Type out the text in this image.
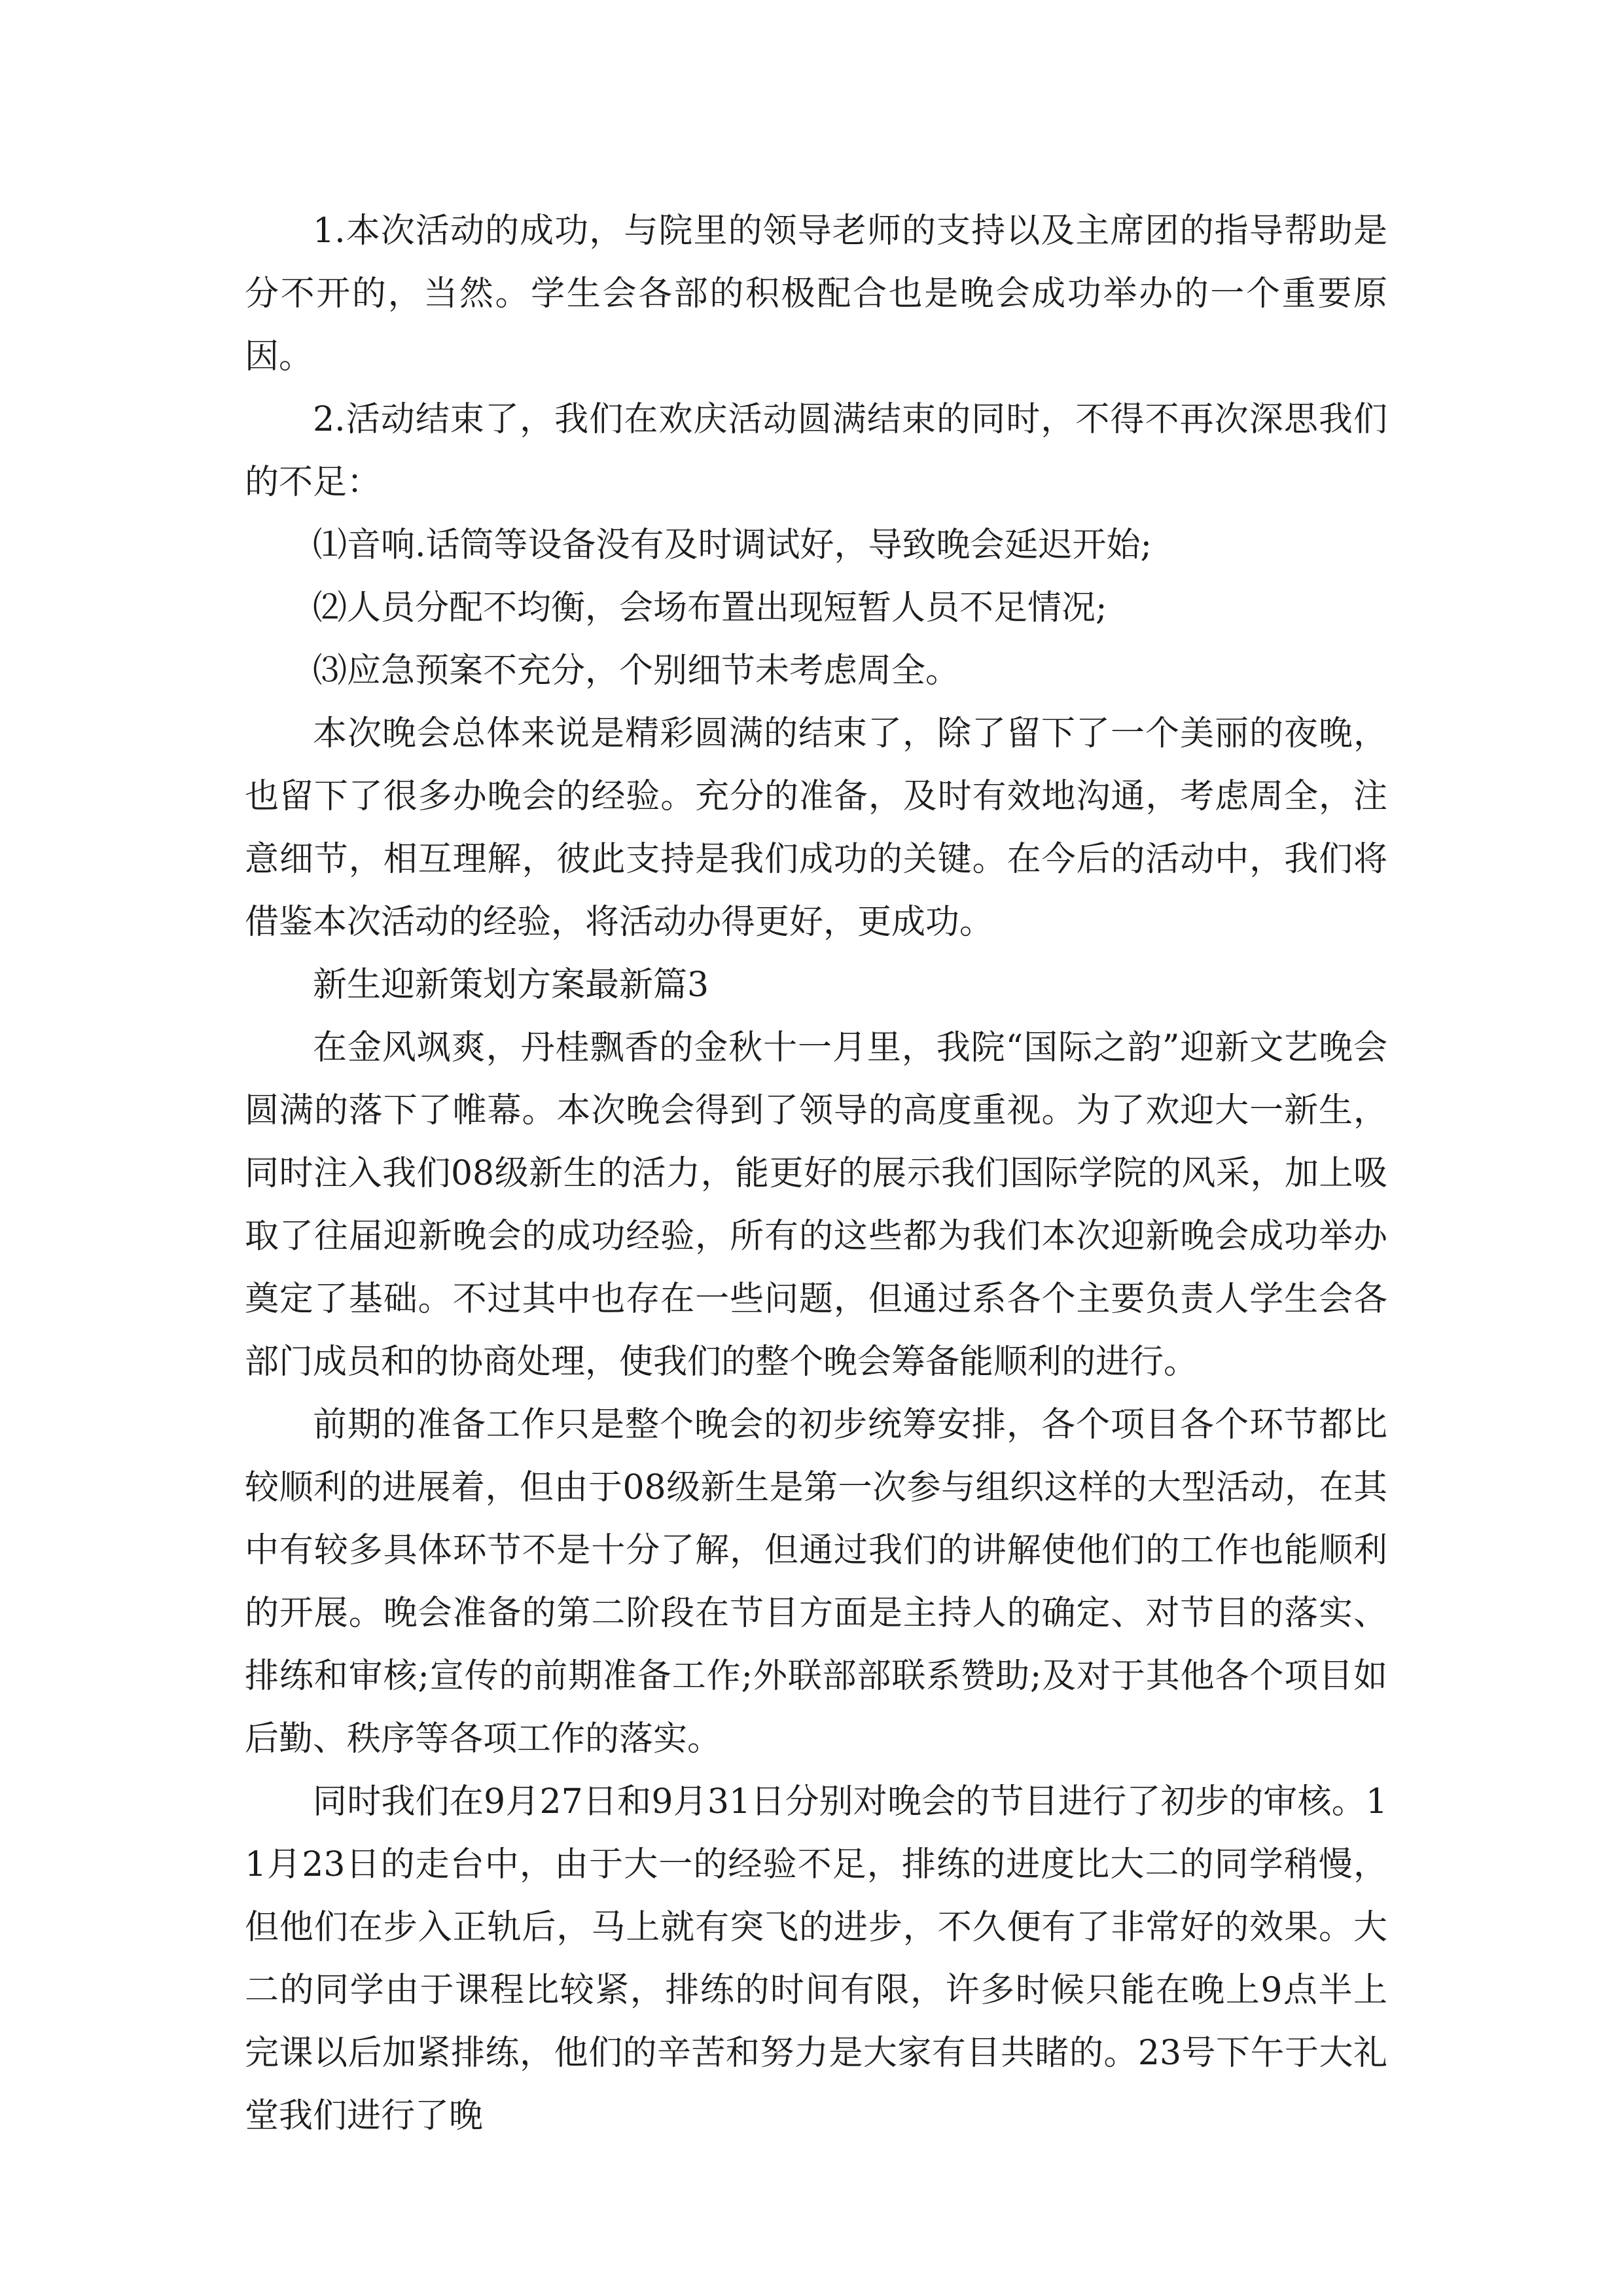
1.本次活动的成功，与院里的领导老师的支持以及主席团的指导帮助是分不开的，当然。学生会各部的积极配合也是晚会成功举办的一个重要原因。

2.活动结束了，我们在欢庆活动圆满结束的同时，不得不再次深思我们的不足：

⑴音响.话筒等设备没有及时调试好，导致晚会延迟开始;

⑵人员分配不均衡，会场布置出现短暂人员不足情况;

⑶应急预案不充分，个别细节未考虑周全。

本次晚会总体来说是精彩圆满的结束了，除了留下了一个美丽的夜晚，也留下了很多办晚会的经验。充分的准备，及时有效地沟通，考虑周全，注意细节，相互理解，彼此支持是我们成功的关键。在今后的活动中，我们将借鉴本次活动的经验，将活动办得更好，更成功。

新生迎新策划方案最新篇3

在金风飒爽，丹桂飘香的金秋十一月里，我院“国际之韵”迎新文艺晚会圆满的落下了帷幕。本次晚会得到了领导的高度重视。为了欢迎大一新生，同时注入我们08级新生的活力，能更好的展示我们国际学院的风采，加上吸取了往届迎新晚会的成功经验，所有的这些都为我们本次迎新晚会成功举办奠定了基础。不过其中也存在一些问题，但通过系各个主要负责人学生会各部门成员和的协商处理，使我们的整个晚会筹备能顺利的进行。

前期的准备工作只是整个晚会的初步统筹安排，各个项目各个环节都比较顺利的进展着，但由于08级新生是第一次参与组织这样的大型活动，在其中有较多具体环节不是十分了解，但通过我们的讲解使他们的工作也能顺利的开展。晚会准备的第二阶段在节目方面是主持人的确定、对节目的落实、排练和审核;宣传的前期准备工作;外联部部联系赞助;及对于其他各个项目如后勤、秩序等各项工作的落实。

同时我们在9月27日和9月31日分别对晚会的节目进行了初步的审核。11月23日的走台中，由于大一的经验不足，排练的进度比大二的同学稍慢，但他们在步入正轨后，马上就有突飞的进步，不久便有了非常好的效果。大二的同学由于课程比较紧，排练的时间有限，许多时候只能在晚上9点半上完课以后加紧排练，他们的辛苦和努力是大家有目共睹的。23号下午于大礼堂我们进行了晚
